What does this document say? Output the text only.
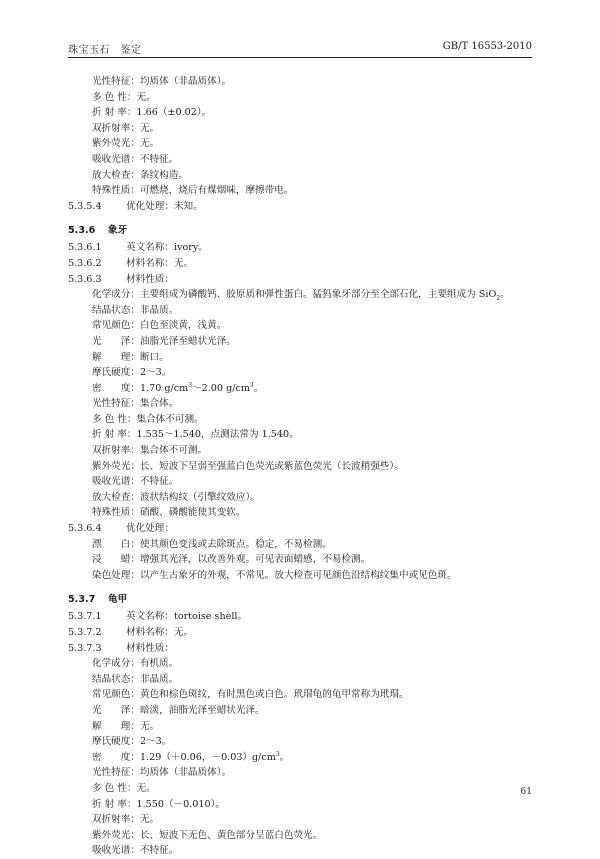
珠宝玉石　鉴定	GB/T 16553-2010
光性特征：均质体（非晶质体）。
多 色 性：无。
折 射 率：1.66（±0.02）。
双折射率：无。
紫外荧光：无。
吸收光谱：不特征。
放大检查：条纹构造。
特殊性质：可燃烧，烧后有煤烟味，摩擦带电。
5.3.5.4	优化处理：未知。
5.3.6 象牙
5.3.6.1	英文名称：ivory。
5.3.6.2	材料名称：无。
5.3.6.3	材料性质：
化学成分：主要组成为磷酸钙、胶原质和弹性蛋白。猛犸象牙部分至全部石化，主要组成为 SiO$_2$。
结晶状态：非晶质。
常见颜色：白色至淡黄，浅黄。
光　　泽：油脂光泽至蜡状光泽。
解　　理：断口。
摩氏硬度：2～3。
密　　度：1.70 $g/cm^3\sim 2.00$ $g/cm^3$。
光性特征：集合体。
多 色 性：集合体不可测。
折 射 率：1.535～1.540，点测法常为 1.540。
双折射率：集合体不可测。
紫外荧光：长、短波下呈弱至强蓝白色荧光或紫蓝色荧光（长波稍强些）。
吸收光谱：不特征。
放大检查：波状结构纹（引擎纹效应）。
特殊性质：硝酸、磷酸能使其变软。
5.3.6.4	优化处理：
漂　　白：使其颜色变浅或去除斑点。稳定，不易检测。
浸　　蜡：增强其光泽，以改善外观。可见表面蜡感，不易检测。
染色处理：以产生古象牙的外观，不常见。放大检查可见颜色沿结构纹集中或见色斑。
5.3.7 龟甲
5.3.7.1	英文名称：tortoise shell。
5.3.7.2	材料名称：无。
5.3.7.3	材料性质：
化学成分：有机质。
结晶状态：非晶质。
常见颜色：黄色和棕色斑纹，有时黑色或白色。玳瑁龟的龟甲常称为玳瑁。
光　　泽：暗淡，油脂光泽至蜡状光泽。
解　　理：无。
摩氏硬度：2～3。
密　　度：1.29（＋0.06，$-0.03)g/cm^3$。
光性特征：均质体（非晶质体）。
多 色 性：无。
折 射 率：1.550（－0.010）。
双折射率：无。
紫外荧光：长、短波下无色、黄色部分呈蓝白色荧光。
吸收光谱：不特征。
61
